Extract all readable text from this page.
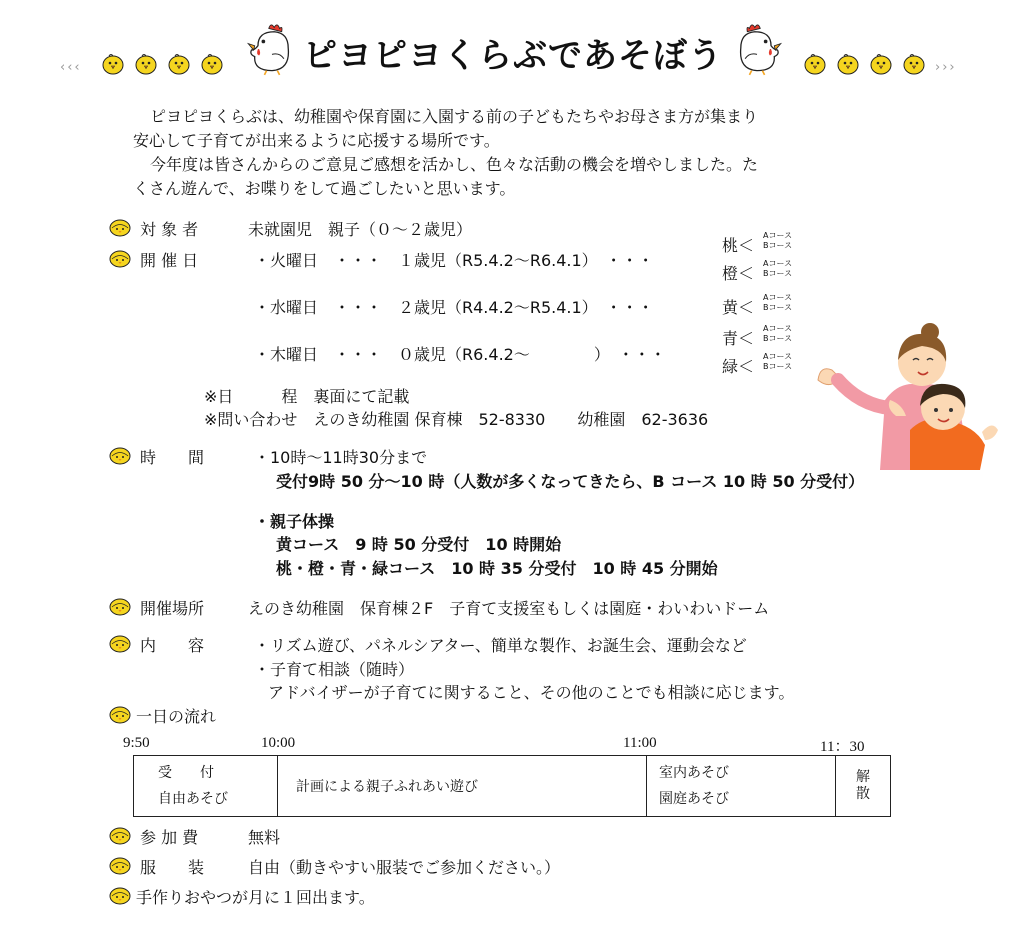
‹‹‹	ピヨピヨくらぶであそぼう	›››
ピヨピヨくらぶは、幼稚園や保育園に入園する前の子どもたちやお母さま方が集まり
安心して子育てが出来るように応援する場所です。
今年度は皆さんからのご意見ご感想を活かし、色々な活動の機会を増やしました。た
くさん遊んで、お喋りをして過ごしたいと思います。
対 象 者	未就園児　親子（０～２歳児）
開 催 日	・火曜日　・・・　１歳児（R5.4.2～R6.4.1）　・・・
・水曜日　・・・　２歳児（R4.4.2～R5.4.1）　・・・
・木曜日　・・・　０歳児（R6.4.2～　　　　）　・・・
桃＜
Aコース
Bコース
橙＜
Aコース
Bコース
黄＜
Aコース
Bコース
青＜
Aコース
Bコース
緑＜
Aコース
Bコース
※日　　　程　裏面にて記載
※問い合わせ　えのき幼稚園 保育棟　52-8330　　幼稚園　62-3636
時　　間	・10時～11時30分まで
受付9時 50 分～10 時（人数が多くなってきたら、B コース 10 時 50 分受付）
・親子体操
黄コース　9 時 50 分受付　10 時開始
桃・橙・青・緑コース　10 時 35 分受付　10 時 45 分開始
開催場所	えのき幼稚園　保育棟２F　子育て支援室もしくは園庭・わいわいドーム
内　　容	・リズム遊び、パネルシアター、簡単な製作、お誕生会、運動会など
・子育て相談（随時）
アドバイザーが子育てに関すること、その他のことでも相談に応じます。
一日の流れ
9:50	10:00	11:00	11：30
受　　付
自由あそび

計画による親子ふれあい遊び

室内あそび
園庭あそび

解
散
参 加 費	無料
服　　装	自由（動きやすい服装でご参加ください。）
手作りおやつが月に１回出ます。
